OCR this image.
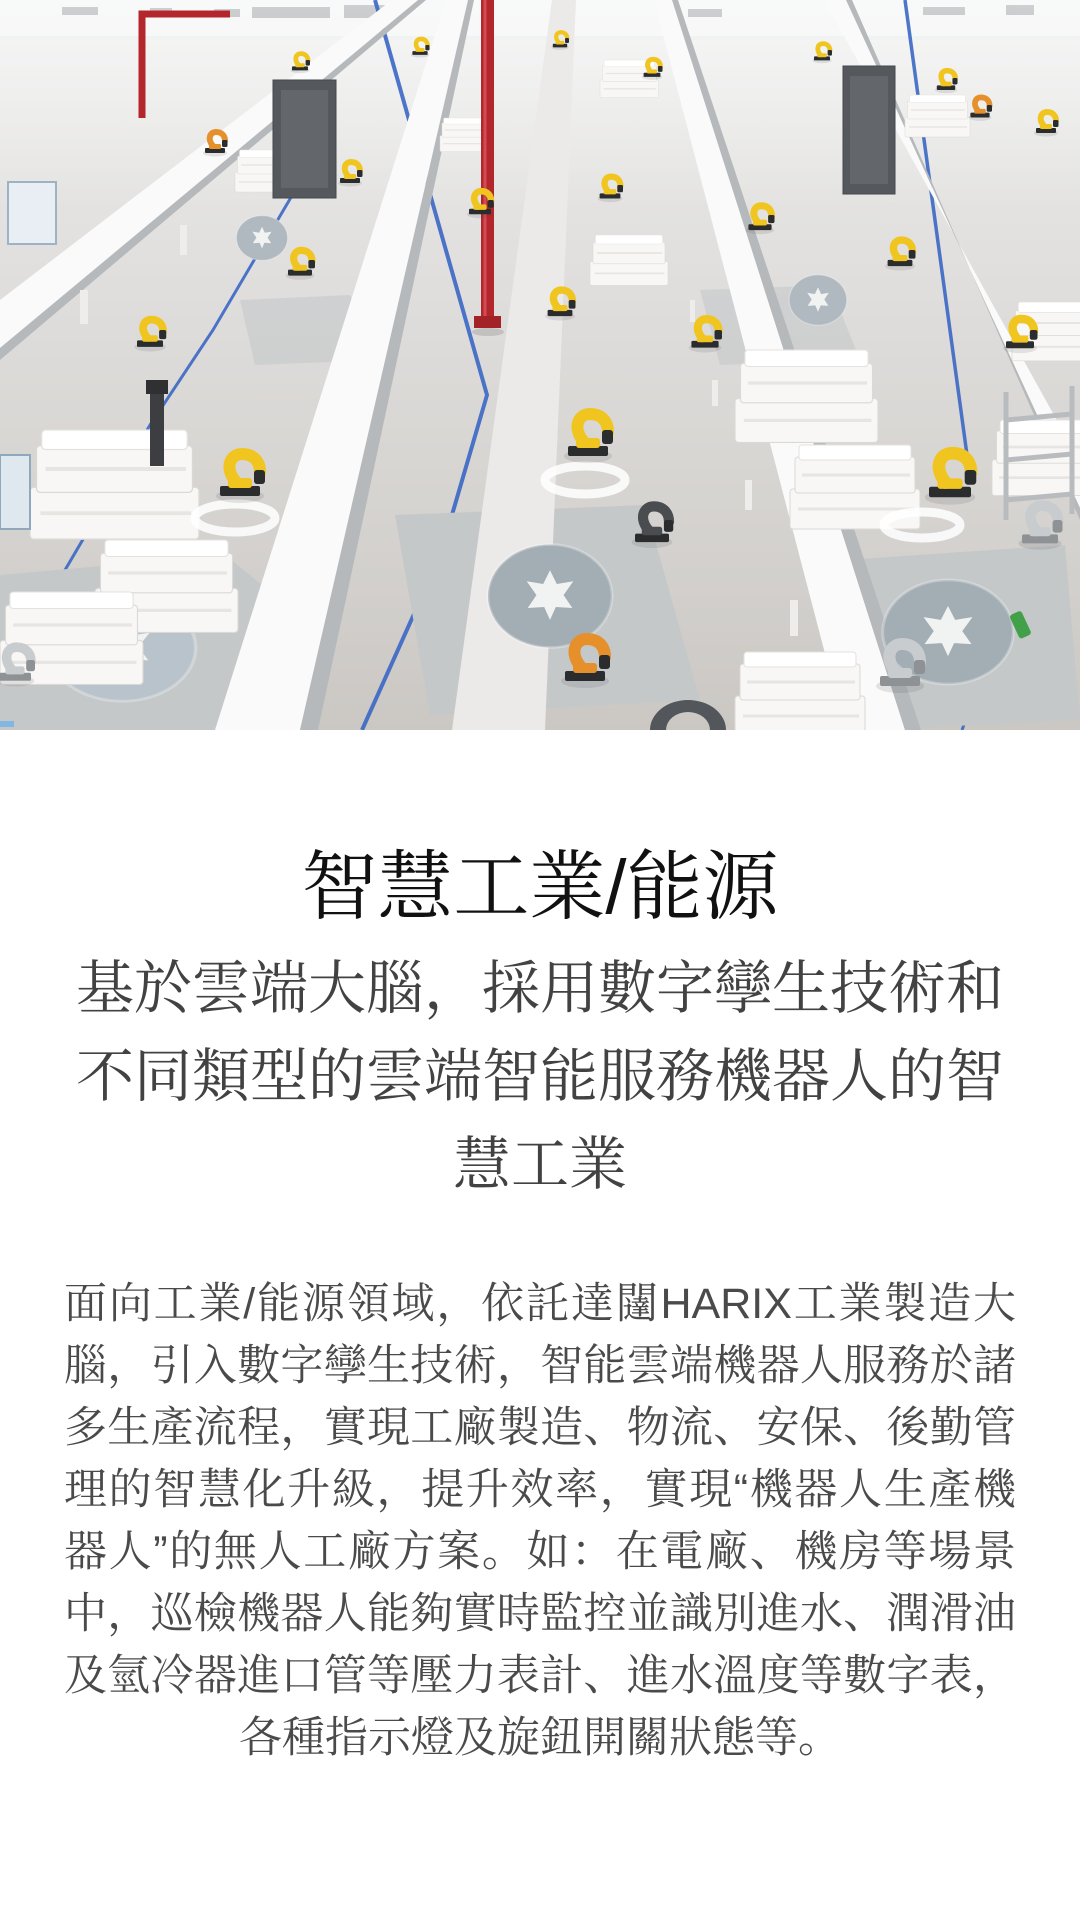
智慧工業/能源
基於雲端大腦，採用數字孿生技術和不同類型的雲端智能服務機器人的智慧工業

面向工業/能源領域，依託達闥HARIX工業製造大腦，引入數字孿生技術，智能雲端機器人服務於諸多生產流程，實現工廠製造、物流、安保、後勤管理的智慧化升級，提升效率，實現“機器人生產機器人”的無人工廠方案。如：在電廠、機房等場景中，巡檢機器人能夠實時監控並識別進水、潤滑油及氫冷器進口管等壓力表計、進水溫度等數字表，各種指示燈及旋鈕開關狀態等。
